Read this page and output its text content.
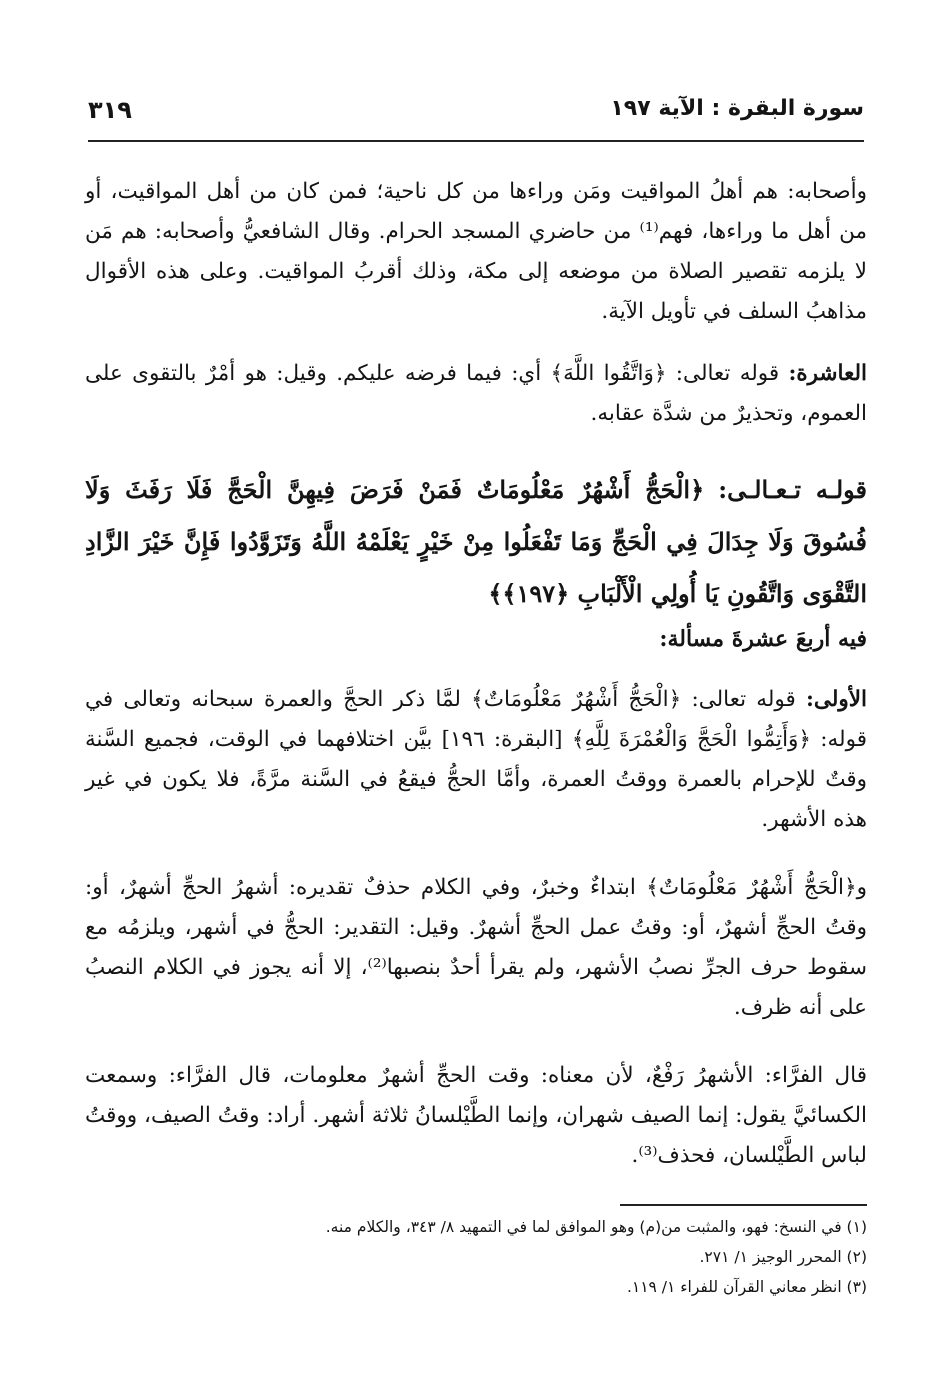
سورة البقرة : الآية ١٩٧
٣١٩
وأصحابه: هم أهلُ المواقيت ومَن وراءها من كل ناحية؛ فمن كان من أهل المواقيت، أو من أهل ما وراءها، فهم⁽¹⁾ من حاضري المسجد الحرام. وقال الشافعيُّ وأصحابه: هم مَن لا يلزمه تقصير الصلاة من موضعه إلى مكة، وذلك أقربُ المواقيت. وعلى هذه الأقوال مذاهبُ السلف في تأويل الآية.
العاشرة: قوله تعالى: ﴿وَاتَّقُوا اللَّهَ﴾ أي: فيما فرضه عليكم. وقيل: هو أمْرٌ بالتقوى على العموم، وتحذيرٌ من شدَّة عقابه.
قولـه تـعـالـى: ﴿الْحَجُّ أَشْهُرٌ مَعْلُومَاتٌ فَمَنْ فَرَضَ فِيهِنَّ الْحَجَّ فَلَا رَفَثَ وَلَا فُسُوقَ وَلَا جِدَالَ فِي الْحَجِّ وَمَا تَفْعَلُوا مِنْ خَيْرٍ يَعْلَمْهُ اللَّهُ وَتَزَوَّدُوا فَإِنَّ خَيْرَ الزَّادِ التَّقْوَى وَاتَّقُونِ يَا أُولِي الْأَلْبَابِ ﴿١٩٧﴾﴾
فيه أربعَ عشرةَ مسألة:
الأولى: قوله تعالى: ﴿الْحَجُّ أَشْهُرٌ مَعْلُومَاتٌ﴾ لمَّا ذكر الحجَّ والعمرة سبحانه وتعالى في قوله: ﴿وَأَتِمُّوا الْحَجَّ وَالْعُمْرَةَ لِلَّهِ﴾ [البقرة: ١٩٦] بيَّن اختلافهما في الوقت، فجميع السَّنة وقتٌ للإحرام بالعمرة ووقتُ العمرة، وأمَّا الحجُّ فيقعُ في السَّنة مرَّةً، فلا يكون في غير هذه الأشهر.
و﴿الْحَجُّ أَشْهُرٌ مَعْلُومَاتٌ﴾ ابتداءٌ وخبرٌ، وفي الكلام حذفٌ تقديره: أشهرُ الحجِّ أشهرٌ، أو: وقتُ الحجِّ أشهرٌ، أو: وقتُ عمل الحجِّ أشهرٌ. وقيل: التقدير: الحجُّ في أشهر، ويلزمُه مع سقوط حرف الجرِّ نصبُ الأشهر، ولم يقرأ أحدٌ بنصبها⁽²⁾، إلا أنه يجوز في الكلام النصبُ على أنه ظرف.
قال الفرَّاء: الأشهرُ رَفْعٌ، لأن معناه: وقت الحجِّ أشهرٌ معلومات، قال الفرَّاء: وسمعت الكسائيَّ يقول: إنما الصيف شهران، وإنما الطَّيْلسانُ ثلاثة أشهر. أراد: وقتُ الصيف، ووقتُ لباس الطَّيْلسان، فحذف⁽³⁾.
(١) في النسخ: فهو، والمثبت من(م) وهو الموافق لما في التمهيد ٨/ ٣٤٣، والكلام منه.
(٢) المحرر الوجيز ١/ ٢٧١.
(٣) انظر معاني القرآن للفراء ١/ ١١٩.
